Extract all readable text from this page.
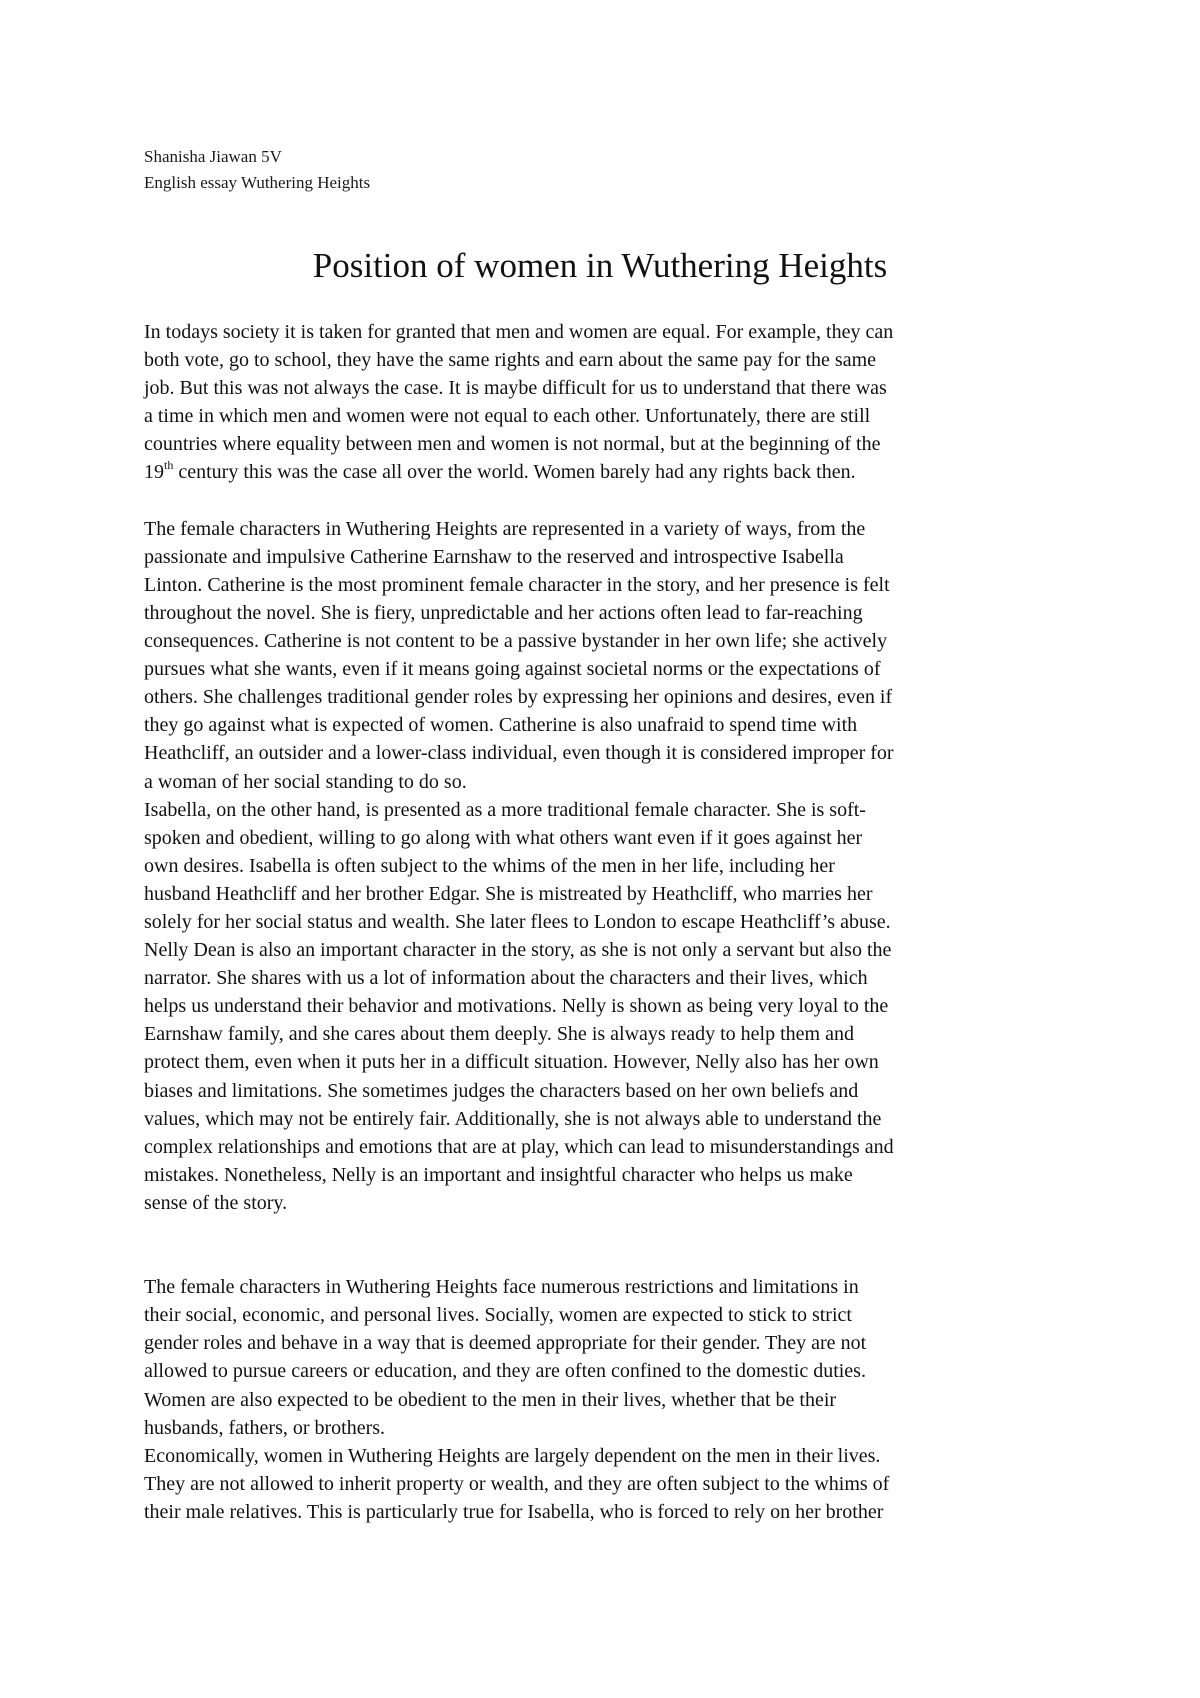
Shanisha Jiawan 5V
English essay Wuthering Heights
Position of women in Wuthering Heights
In todays society it is taken for granted that men and women are equal. For example, they can
both vote, go to school, they have the same rights and earn about the same pay for the same
job. But this was not always the case. It is maybe difficult for us to understand that there was
a time in which men and women were not equal to each other. Unfortunately, there are still
countries where equality between men and women is not normal, but at the beginning of the
19th century this was the case all over the world. Women barely had any rights back then.
The female characters in Wuthering Heights are represented in a variety of ways, from the
passionate and impulsive Catherine Earnshaw to the reserved and introspective Isabella
Linton. Catherine is the most prominent female character in the story, and her presence is felt
throughout the novel. She is fiery, unpredictable and her actions often lead to far-reaching
consequences. Catherine is not content to be a passive bystander in her own life; she actively
pursues what she wants, even if it means going against societal norms or the expectations of
others. She challenges traditional gender roles by expressing her opinions and desires, even if
they go against what is expected of women. Catherine is also unafraid to spend time with
Heathcliff, an outsider and a lower-class individual, even though it is considered improper for
a woman of her social standing to do so.
Isabella, on the other hand, is presented as a more traditional female character. She is soft-
spoken and obedient, willing to go along with what others want even if it goes against her
own desires. Isabella is often subject to the whims of the men in her life, including her
husband Heathcliff and her brother Edgar. She is mistreated by Heathcliff, who marries her
solely for her social status and wealth. She later flees to London to escape Heathcliff’s abuse.
Nelly Dean is also an important character in the story, as she is not only a servant but also the
narrator. She shares with us a lot of information about the characters and their lives, which
helps us understand their behavior and motivations. Nelly is shown as being very loyal to the
Earnshaw family, and she cares about them deeply. She is always ready to help them and
protect them, even when it puts her in a difficult situation. However, Nelly also has her own
biases and limitations. She sometimes judges the characters based on her own beliefs and
values, which may not be entirely fair. Additionally, she is not always able to understand the
complex relationships and emotions that are at play, which can lead to misunderstandings and
mistakes. Nonetheless, Nelly is an important and insightful character who helps us make
sense of the story.
The female characters in Wuthering Heights face numerous restrictions and limitations in
their social, economic, and personal lives. Socially, women are expected to stick to strict
gender roles and behave in a way that is deemed appropriate for their gender. They are not
allowed to pursue careers or education, and they are often confined to the domestic duties.
Women are also expected to be obedient to the men in their lives, whether that be their
husbands, fathers, or brothers.
Economically, women in Wuthering Heights are largely dependent on the men in their lives.
They are not allowed to inherit property or wealth, and they are often subject to the whims of
their male relatives. This is particularly true for Isabella, who is forced to rely on her brother
